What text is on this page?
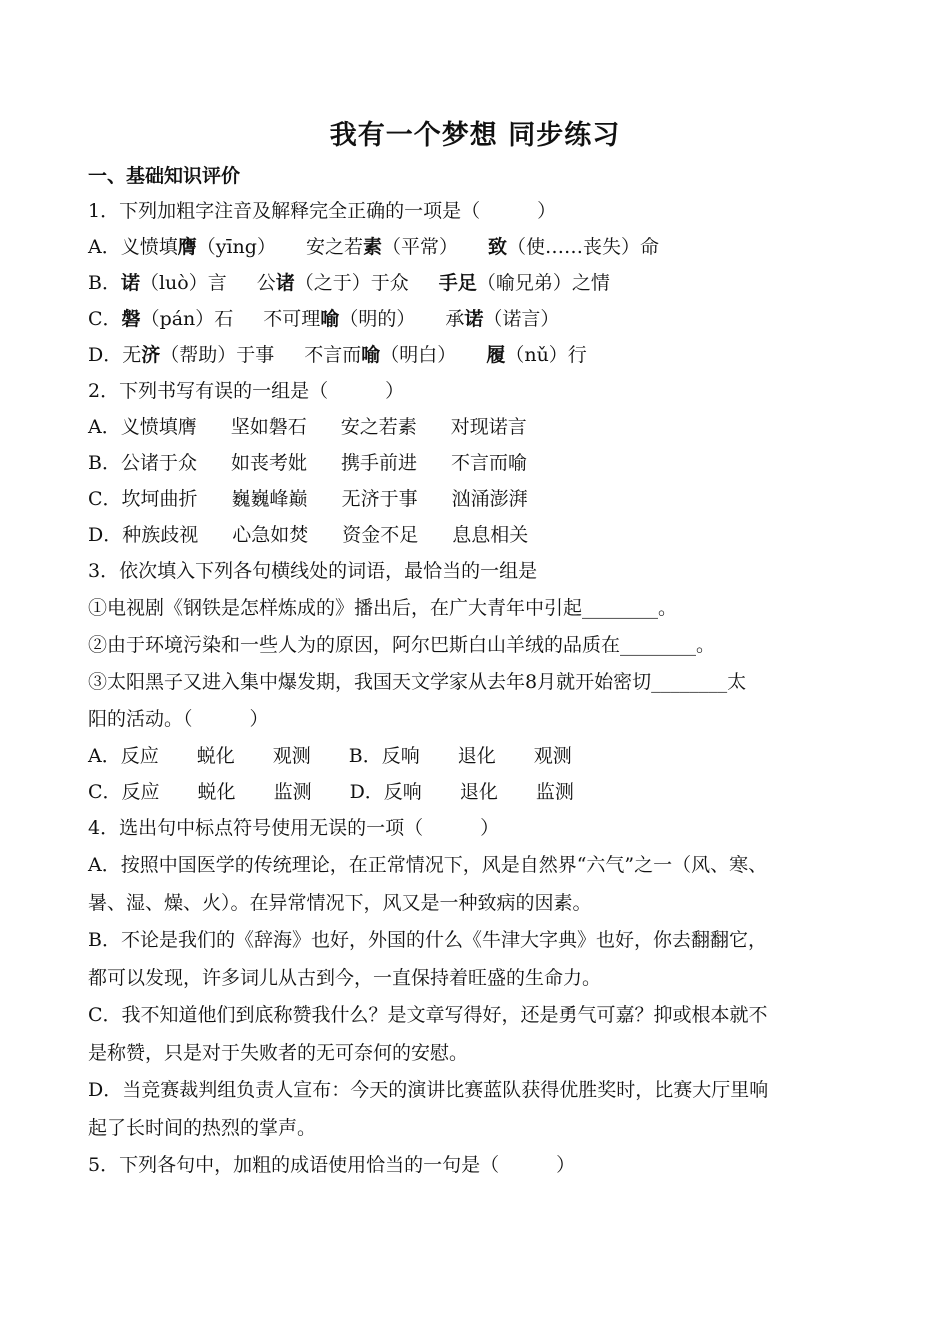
我有一个梦想 同步练习
一、基础知识评价
1．下列加粗字注音及解释完全正确的一项是（　　　）
A．义愤填膺（yīng） 安之若素（平常） 致（使……丧失）命
B．诺（luò）言 公诸（之于）于众 手足（喻兄弟）之情
C．磐（pán）石 不可理喻（明的） 承诺（诺言）
D．无济（帮助）于事 不言而喻（明白） 履（nǔ）行
2．下列书写有误的一组是（　　　）
A．义愤填膺 坚如磐石 安之若素 对现诺言
B．公诸于众 如丧考妣 携手前进 不言而喻
C．坎坷曲折 巍巍峰巅 无济于事 汹涌澎湃
D．种族歧视 心急如焚 资金不足 息息相关
3．依次填入下列各句横线处的词语，最恰当的一组是
①电视剧《钢铁是怎样炼成的》播出后，在广大青年中引起________。
②由于环境污染和一些人为的原因，阿尔巴斯白山羊绒的品质在________。
③太阳黑子又进入集中爆发期，我国天文学家从去年8月就开始密切________太
阳的活动。（　　　）
A．反应 蜕化 观测 B．反响 退化 观测
C．反应 蜕化 监测 D．反响 退化 监测
4．选出句中标点符号使用无误的一项（　　　）
A．按照中国医学的传统理论，在正常情况下，风是自然界“六气”之一（风、寒、
暑、湿、燥、火）。在异常情况下，风又是一种致病的因素。
B．不论是我们的《辞海》也好，外国的什么《牛津大字典》也好，你去翻翻它，
都可以发现，许多词儿从古到今，一直保持着旺盛的生命力。
C．我不知道他们到底称赞我什么？是文章写得好，还是勇气可嘉？抑或根本就不
是称赞，只是对于失败者的无可奈何的安慰。
D．当竞赛裁判组负责人宣布：今天的演讲比赛蓝队获得优胜奖时，比赛大厅里响
起了长时间的热烈的掌声。
5．下列各句中，加粗的成语使用恰当的一句是（　　　）
